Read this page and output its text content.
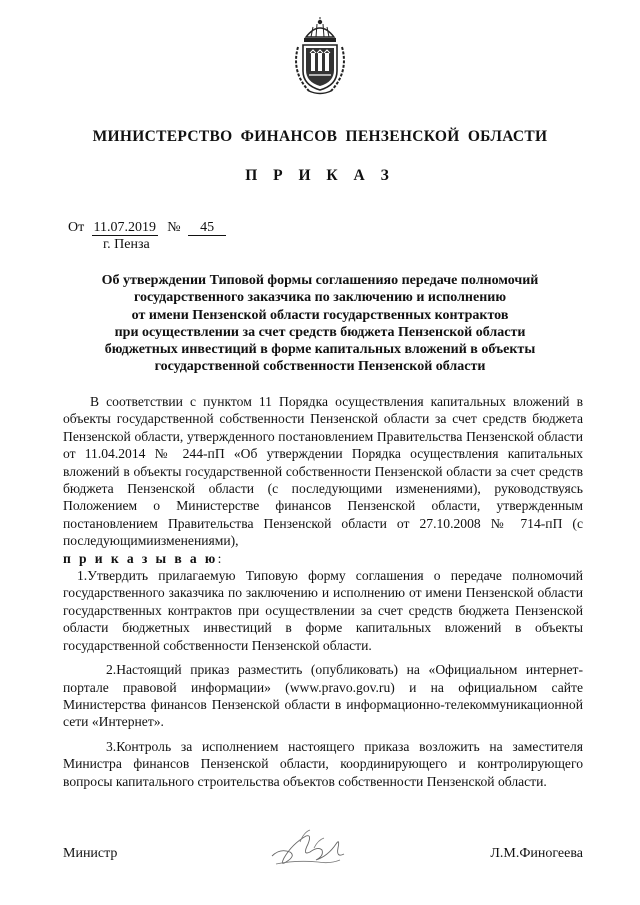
МИНИСТЕРСТВО ФИНАНСОВ ПЕНЗЕНСКОЙ ОБЛАСТИ
П Р И К А З
От 11.07.2019 № 45
г. Пенза
Об утверждении Типовой формы соглашенияо передаче полномочий
государственного заказчика по заключению и исполнению
от имени Пензенской области государственных контрактов
при осуществлении за счет средств бюджета Пензенской области
бюджетных инвестиций в форме капитальных вложений в объекты
государственной собственности Пензенской области

В соответствии с пунктом 11 Порядка осуществления капитальных вложений в объекты государственной собственности Пензенской области за счет средств бюджета Пензенской области, утвержденного постановлением Правительства Пензенской области от 11.04.2014 № 244-пП «Об утверждении Порядка осуществления капитальных вложений в объекты государственной собственности Пензенской области за счет средств бюджета Пензенской области (с последующими изменениями), руководствуясь Положением о Министерстве финансов Пензенской области, утвержденным постановлением Правительства Пензенской области от 27.10.2008 № 714-пП (с последующимиизменениями),

п р и к а з ы в а ю:

1.Утвердить прилагаемую Типовую форму соглашения о передаче полномочий государственного заказчика по заключению и исполнению от имени Пензенской области государственных контрактов при осуществлении за счет средств бюджета Пензенской области бюджетных инвестиций в форме капитальных вложений в объекты государственной собственности Пензенской области.

2.Настоящий приказ разместить (опубликовать) на «Официальном интернет-портале правовой информации» (www.pravo.gov.ru) и на официальном сайте Министерства финансов Пензенской области в информационно-телекоммуникационной сети «Интернет».

3.Контроль за исполнением настоящего приказа возложить на заместителя Министра финансов Пензенской области, координирующего и контролирующего вопросы капитального строительства объектов собственности Пензенской области.

Министр	Л.М.Финогеева
